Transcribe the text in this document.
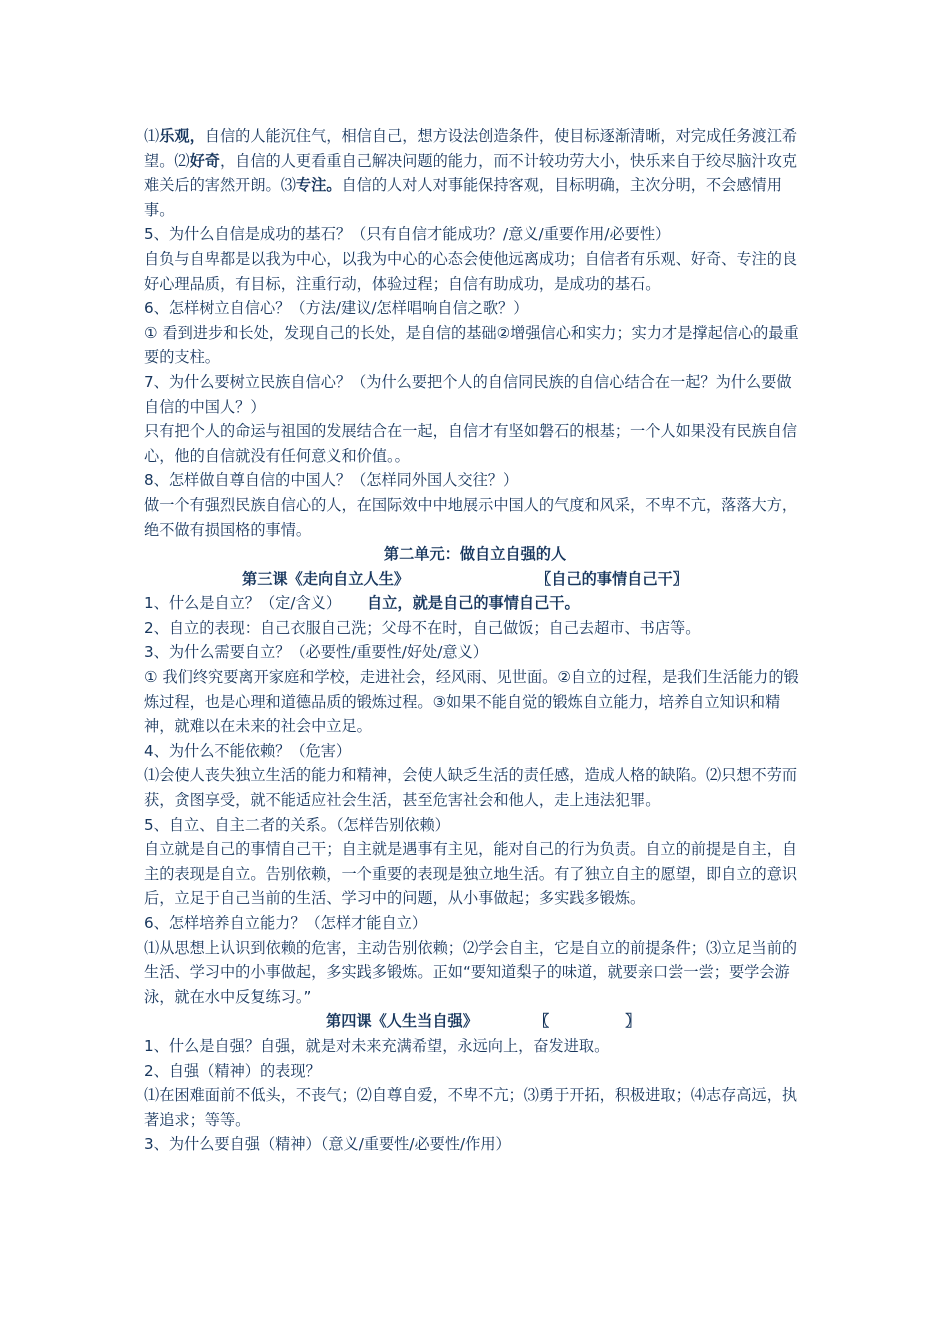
⑴乐观，自信的人能沉住气，相信自己，想方设法创造条件，使目标逐渐清晰，对完成任务渡江希望。⑵好奇，自信的人更看重自己解决问题的能力，而不计较功劳大小，快乐来自于绞尽脑汁攻克难关后的害然开朗。⑶专注。自信的人对人对事能保持客观，目标明确，主次分明，不会感情用事。

5、为什么自信是成功的基石？（只有自信才能成功？/意义/重要作用/必要性）

自负与自卑都是以我为中心，以我为中心的心态会使他远离成功；自信者有乐观、好奇、专注的良好心理品质，有目标，注重行动，体验过程；自信有助成功，是成功的基石。

6、怎样树立自信心？（方法/建议/怎样唱响自信之歌？）

① 看到进步和长处，发现自己的长处，是自信的基础②增强信心和实力；实力才是撑起信心的最重要的支柱。

7、为什么要树立民族自信心？（为什么要把个人的自信同民族的自信心结合在一起？为什么要做自信的中国人？）

只有把个人的命运与祖国的发展结合在一起，自信才有坚如磐石的根基；一个人如果没有民族自信心，他的自信就没有任何意义和价值。。

8、怎样做自尊自信的中国人？（怎样同外国人交往？）

做一个有强烈民族自信心的人，在国际效中中地展示中国人的气度和风采，不卑不亢，落落大方，绝不做有损国格的事情。

第二单元：做自立自强的人

第三课《走向自立人生》	〖自己的事情自己干〗

1、什么是自立？（定/含义） 自立，就是自己的事情自己干。

2、自立的表现：自己衣服自己洗；父母不在时，自己做饭；自己去超市、书店等。

3、为什么需要自立？（必要性/重要性/好处/意义）

① 我们终究要离开家庭和学校，走进社会，经风雨、见世面。②自立的过程，是我们生活能力的锻炼过程，也是心理和道德品质的锻炼过程。③如果不能自觉的锻炼自立能力，培养自立知识和精神，就难以在未来的社会中立足。

4、为什么不能依赖？（危害）

⑴会使人丧失独立生活的能力和精神，会使人缺乏生活的责任感，造成人格的缺陷。⑵只想不劳而获，贪图享受，就不能适应社会生活，甚至危害社会和他人，走上违法犯罪。

5、自立、自主二者的关系。（怎样告别依赖）

自立就是自己的事情自己干；自主就是遇事有主见，能对自己的行为负责。自立的前提是自主，自主的表现是自立。告别依赖，一个重要的表现是独立地生活。有了独立自主的愿望，即自立的意识后，立足于自己当前的生活、学习中的问题，从小事做起；多实践多锻炼。

6、怎样培养自立能力？（怎样才能自立）

⑴从思想上认识到依赖的危害，主动告别依赖；⑵学会自主，它是自立的前提条件；⑶立足当前的生活、学习中的小事做起，多实践多锻炼。正如“要知道梨子的味道，就要亲口尝一尝；要学会游泳，就在水中反复练习。”

第四课《人生当自强》	〖	〗

1、什么是自强？自强，就是对未来充满希望，永远向上，奋发进取。

2、自强（精神）的表现？

⑴在困难面前不低头，不丧气；⑵自尊自爱，不卑不亢；⑶勇于开拓，积极进取；⑷志存高远，执著追求；等等。

3、为什么要自强（精神）（意义/重要性/必要性/作用）
